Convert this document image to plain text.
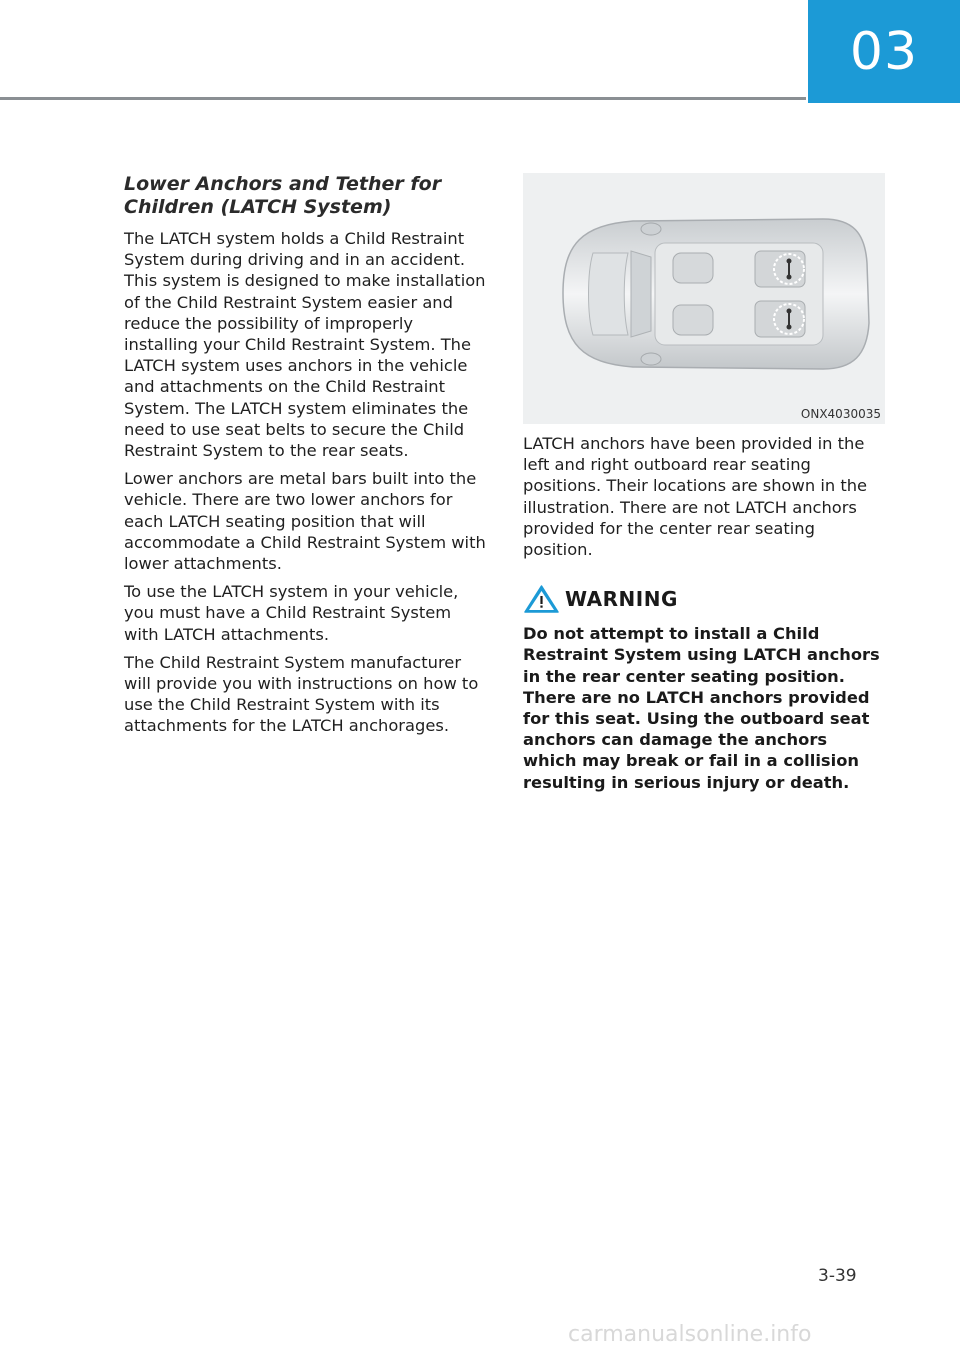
03
Lower Anchors and Tether for Children (LATCH System)

The LATCH system holds a Child Restraint System during driving and in an accident. This system is designed to make installation of the Child Restraint System easier and reduce the possibility of improperly installing your Child Restraint System. The LATCH system uses anchors in the vehicle and attachments on the Child Restraint System. The LATCH system eliminates the need to use seat belts to secure the Child Restraint System to the rear seats.

Lower anchors are metal bars built into the vehicle. There are two lower anchors for each LATCH seating position that will accommodate a Child Restraint System with lower attachments.

To use the LATCH system in your vehicle, you must have a Child Restraint System with LATCH attachments.

The Child Restraint System manufacturer will provide you with instructions on how to use the Child Restraint System with its attachments for the LATCH anchorages.

ONX4030035

LATCH anchors have been provided in the left and right outboard rear seating positions. Their locations are shown in the illustration. There are not LATCH anchors provided for the center rear seating position.

WARNING
Do not attempt to install a Child Restraint System using LATCH anchors in the rear center seating position. There are no LATCH anchors provided for this seat. Using the outboard seat anchors can damage the anchors which may break or fail in a collision resulting in serious injury or death.
3-39
carmanualsonline.info
